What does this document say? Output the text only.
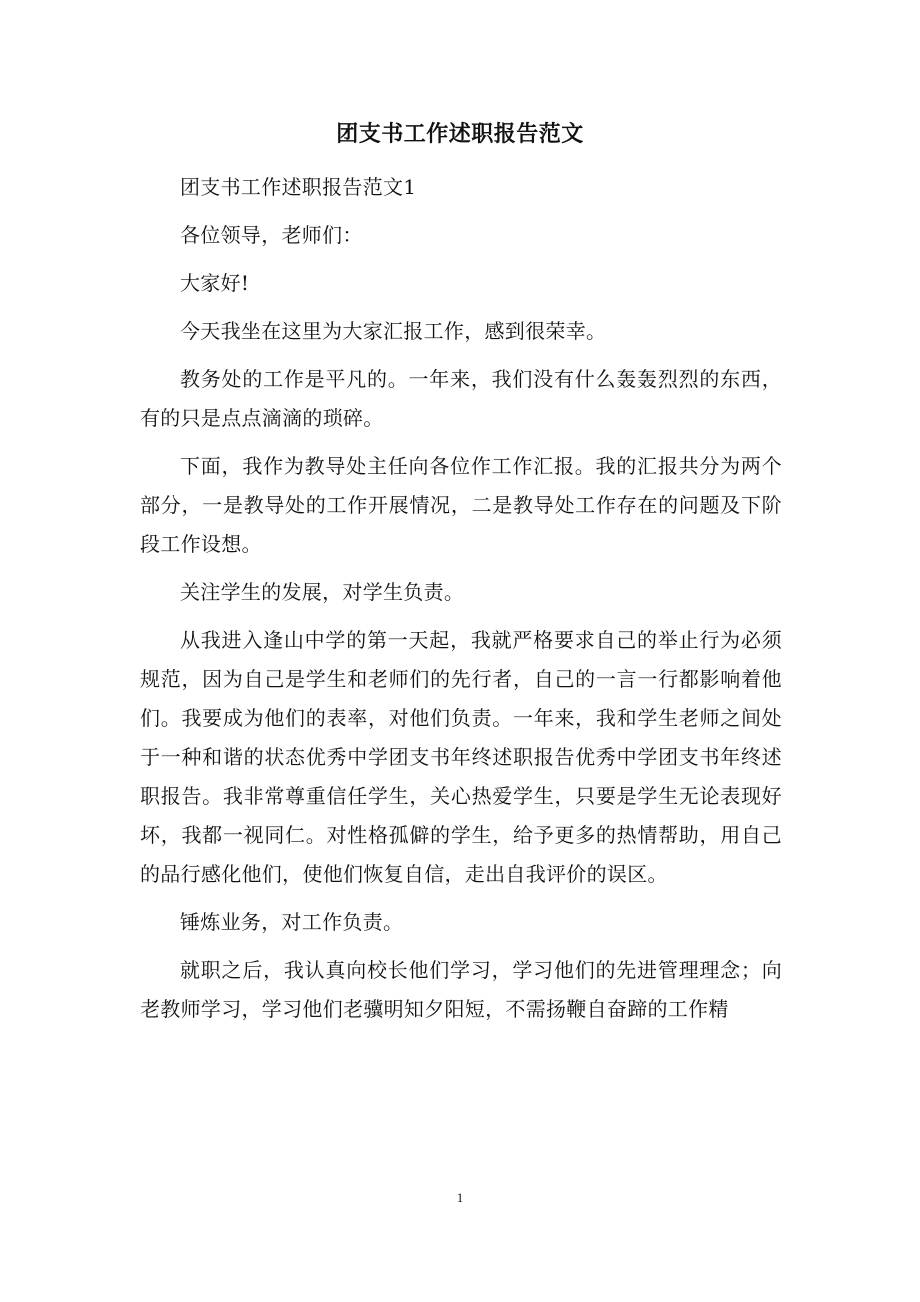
团支书工作述职报告范文

团支书工作述职报告范文1

各位领导，老师们：

大家好!

今天我坐在这里为大家汇报工作，感到很荣幸。

教务处的工作是平凡的。一年来，我们没有什么轰轰烈烈的东西，有的只是点点滴滴的琐碎。

下面，我作为教导处主任向各位作工作汇报。我的汇报共分为两个部分，一是教导处的工作开展情况，二是教导处工作存在的问题及下阶段工作设想。

关注学生的发展，对学生负责。

从我进入逢山中学的第一天起，我就严格要求自己的举止行为必须规范，因为自己是学生和老师们的先行者，自己的一言一行都影响着他们。我要成为他们的表率，对他们负责。一年来，我和学生老师之间处于一种和谐的状态优秀中学团支书年终述职报告优秀中学团支书年终述职报告。我非常尊重信任学生，关心热爱学生，只要是学生无论表现好坏，我都一视同仁。对性格孤僻的学生，给予更多的热情帮助，用自己的品行感化他们，使他们恢复自信，走出自我评价的误区。

锤炼业务，对工作负责。

就职之后，我认真向校长他们学习，学习他们的先进管理理念；向老教师学习，学习他们老骥明知夕阳短，不需扬鞭自奋蹄的工作精

1
